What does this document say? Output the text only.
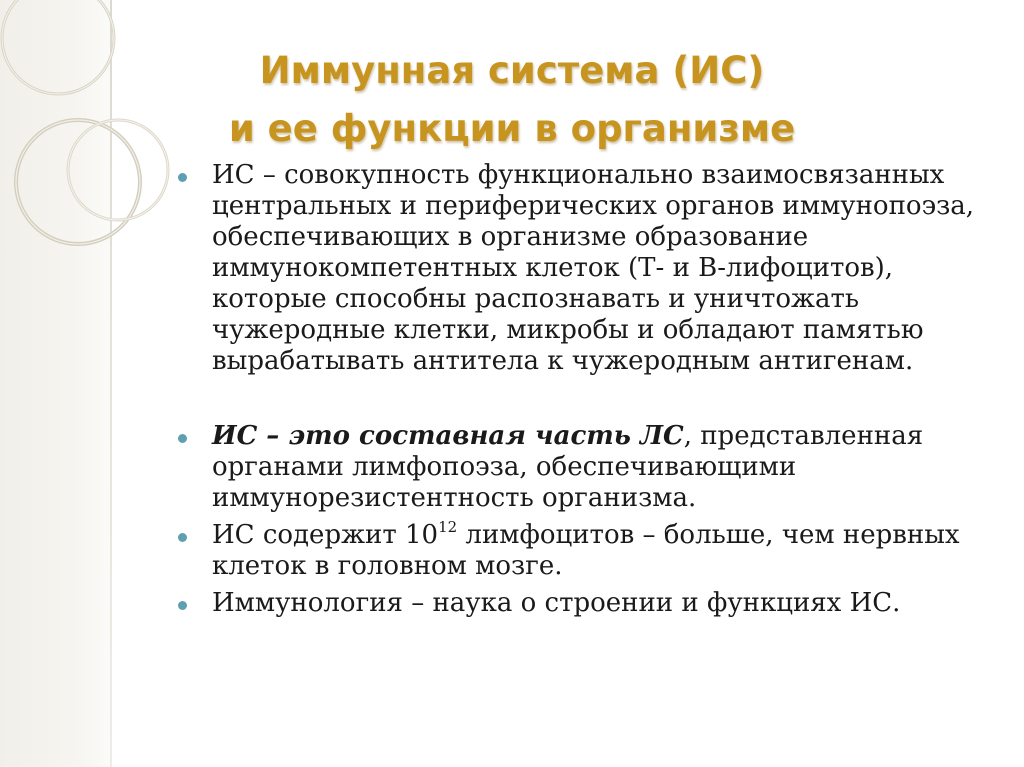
Иммунная система (ИС)
и ее функции в организме
ИС – совокупность функционально взаимосвязанных центральных и периферических органов иммунопоэза, обеспечивающих в организме образование иммунокомпетентных клеток (Т- и В-лифоцитов), которые способны распознавать и уничтожать чужеродные клетки, микробы и обладают памятью вырабатывать антитела к чужеродным антигенам.
ИС – это составная часть ЛС, представленная органами лимфопоэза, обеспечивающими иммунорезистентность организма.
ИС содержит $10^{12}$ лимфоцитов – больше, чем нервных клеток в головном мозге.
Иммунология – наука о строении и функциях ИС.
